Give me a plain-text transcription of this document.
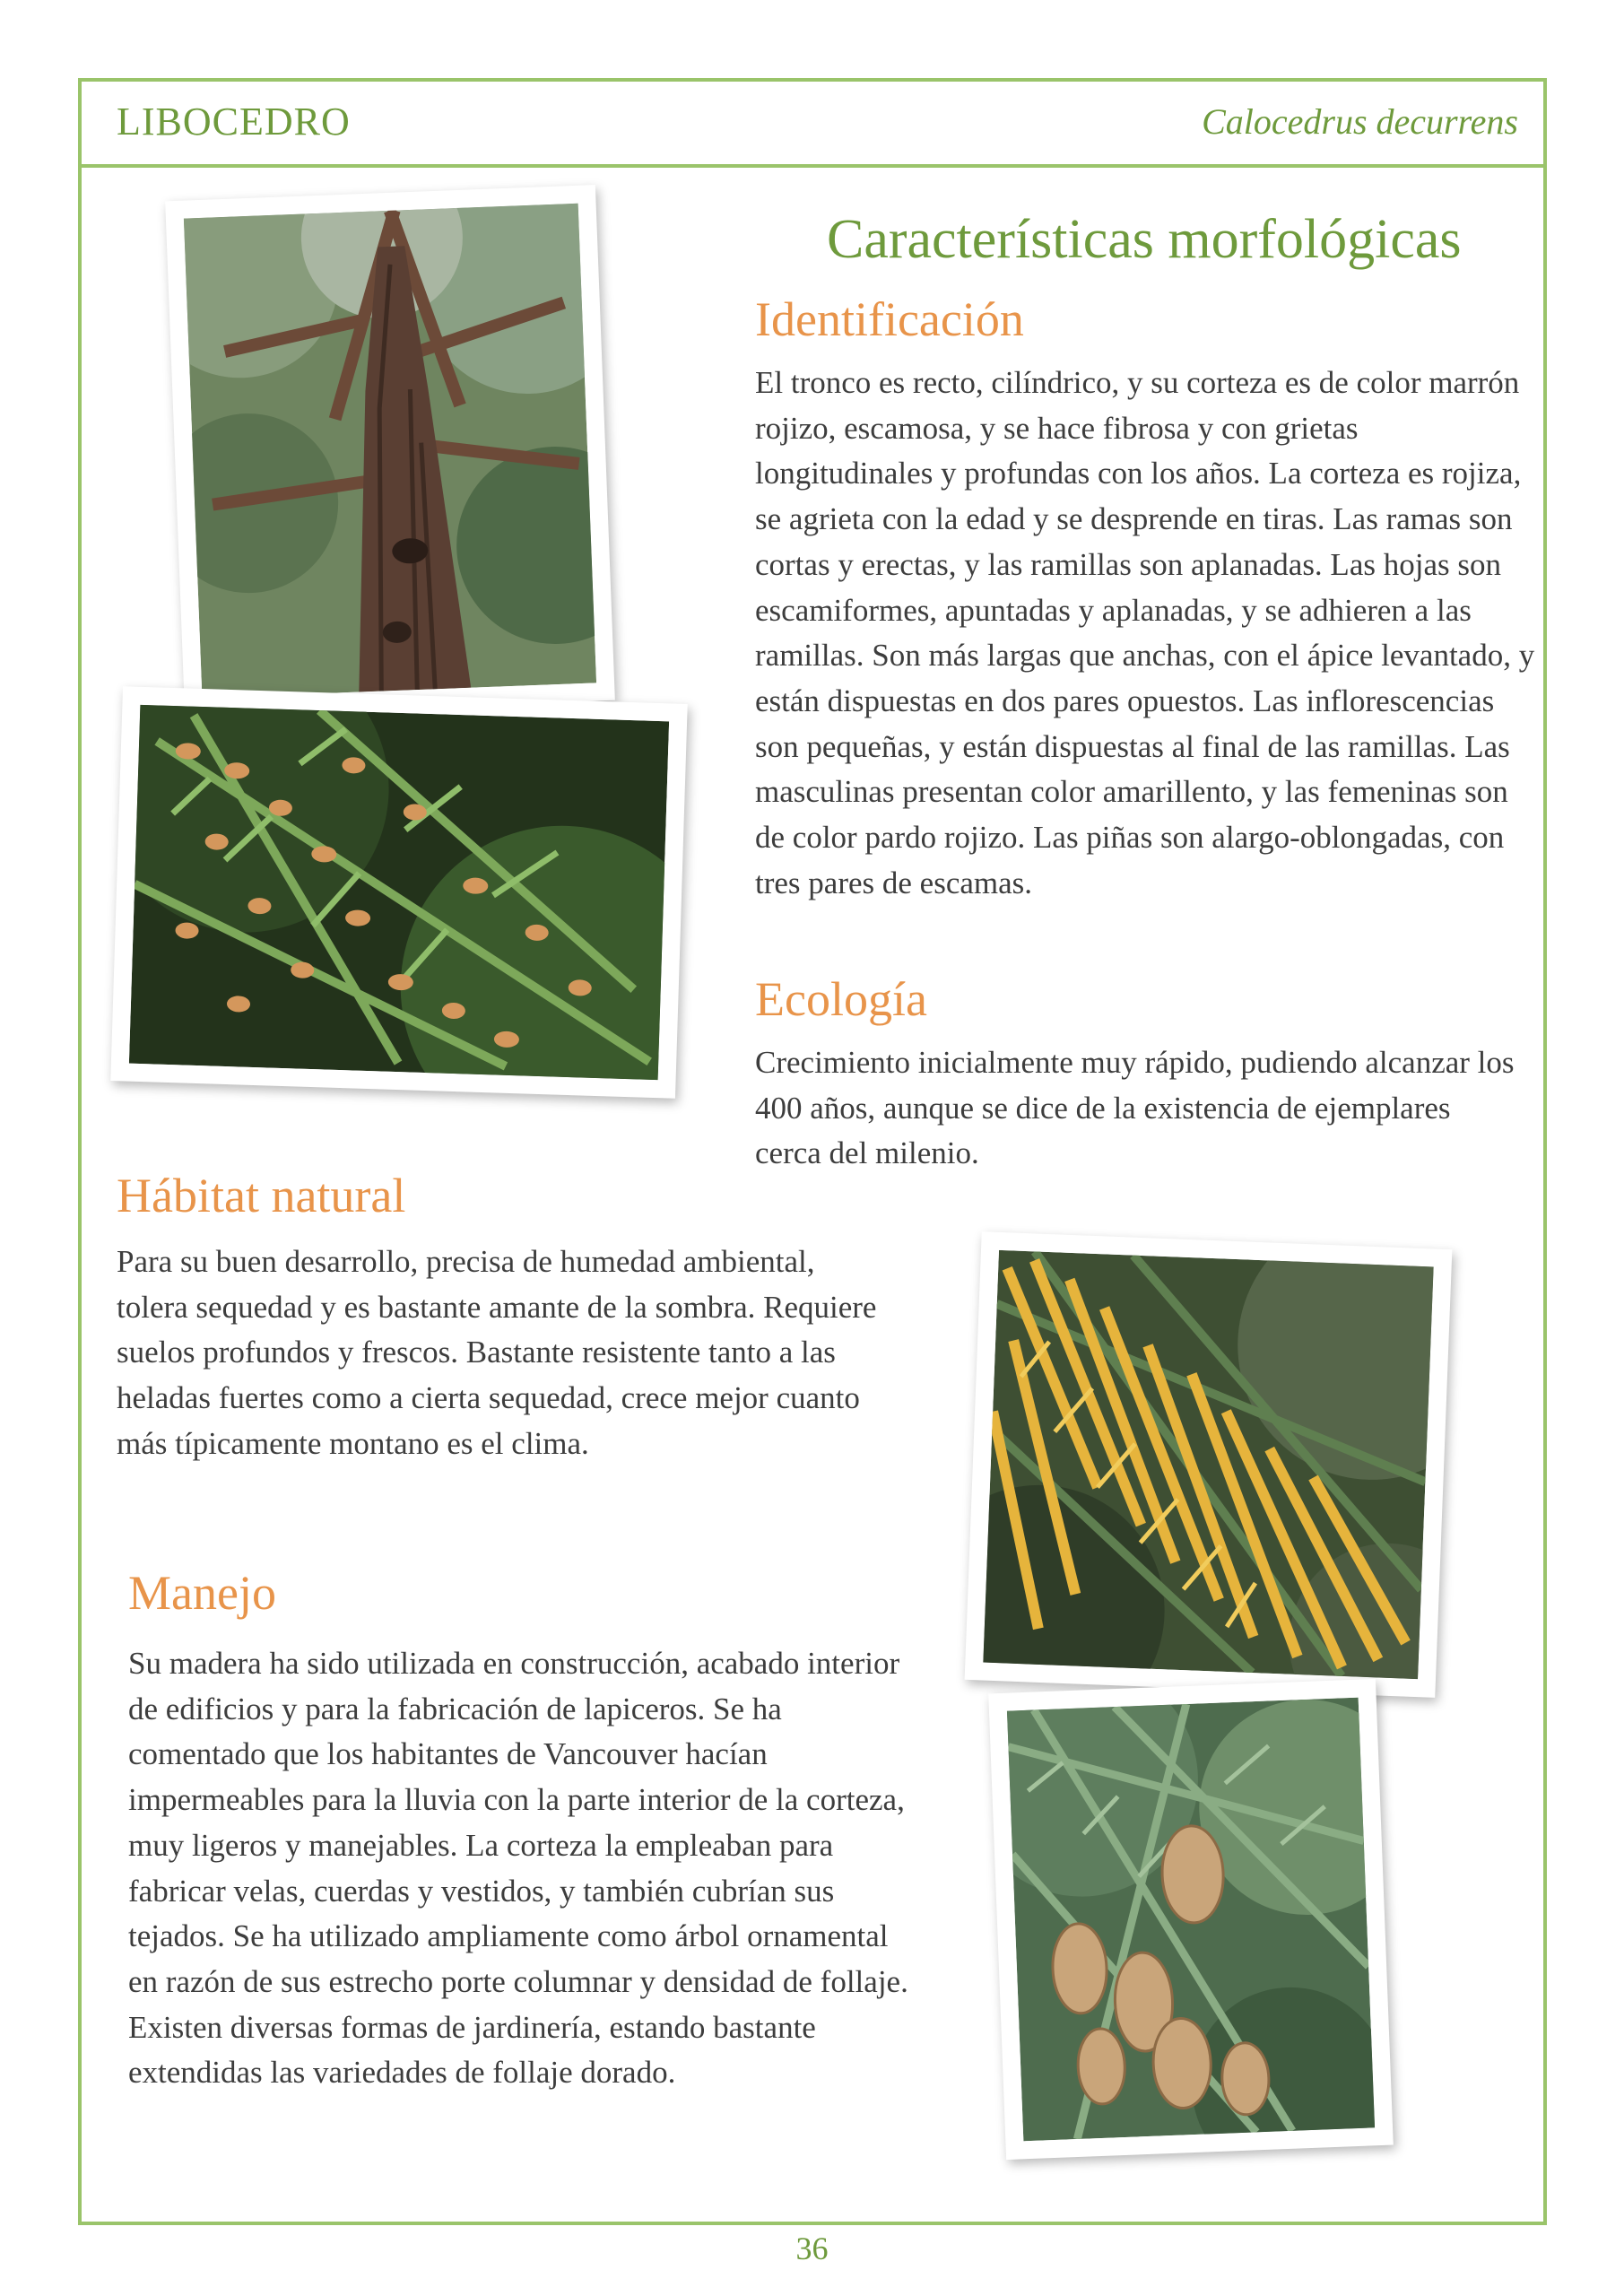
LIBOCEDRO	Calocedrus decurrens
Características morfológicas
Identificación

El tronco es recto, cilíndrico, y su corteza es de color marrón rojizo, escamosa, y se hace fibrosa y con grietas longitudinales y profundas con los años. La corteza es rojiza, se agrieta con la edad y se desprende en tiras. Las ramas son cortas y erectas, y las ramillas son aplanadas. Las hojas son escamiformes, apuntadas y aplanadas, y se adhieren a las ramillas. Son más largas que anchas, con el ápice levantado, y están dispuestas en dos pares opuestos. Las inflorescencias son pequeñas, y están dispuestas al final de las ramillas. Las masculinas presentan color amarillento, y las femeninas son de color pardo rojizo. Las piñas son alargo-oblongadas, con tres pares de escamas.

Ecología

Crecimiento inicialmente muy rápido, pudiendo alcanzar los 400 años, aunque se dice de la existencia de ejemplares cerca del milenio.

Hábitat natural

Para su buen desarrollo, precisa de humedad ambiental, tolera sequedad y es bastante amante de la sombra. Requiere suelos profundos y frescos. Bastante resistente tanto a las heladas fuertes como a cierta sequedad, crece mejor cuanto más típicamente montano es el clima.

Manejo

Su madera ha sido utilizada en construcción, acabado interior de edificios y para la fabricación de lapiceros. Se ha comentado que los habitantes de Vancouver hacían impermeables para la lluvia con la parte interior de la corteza, muy ligeros y manejables. La corteza la empleaban para fabricar velas, cuerdas y vestidos, y también cubrían sus tejados. Se ha utilizado ampliamente como árbol ornamental en razón de sus estrecho porte columnar y densidad de follaje. Existen diversas formas de jardinería, estando bastante extendidas las variedades de follaje dorado.

36
